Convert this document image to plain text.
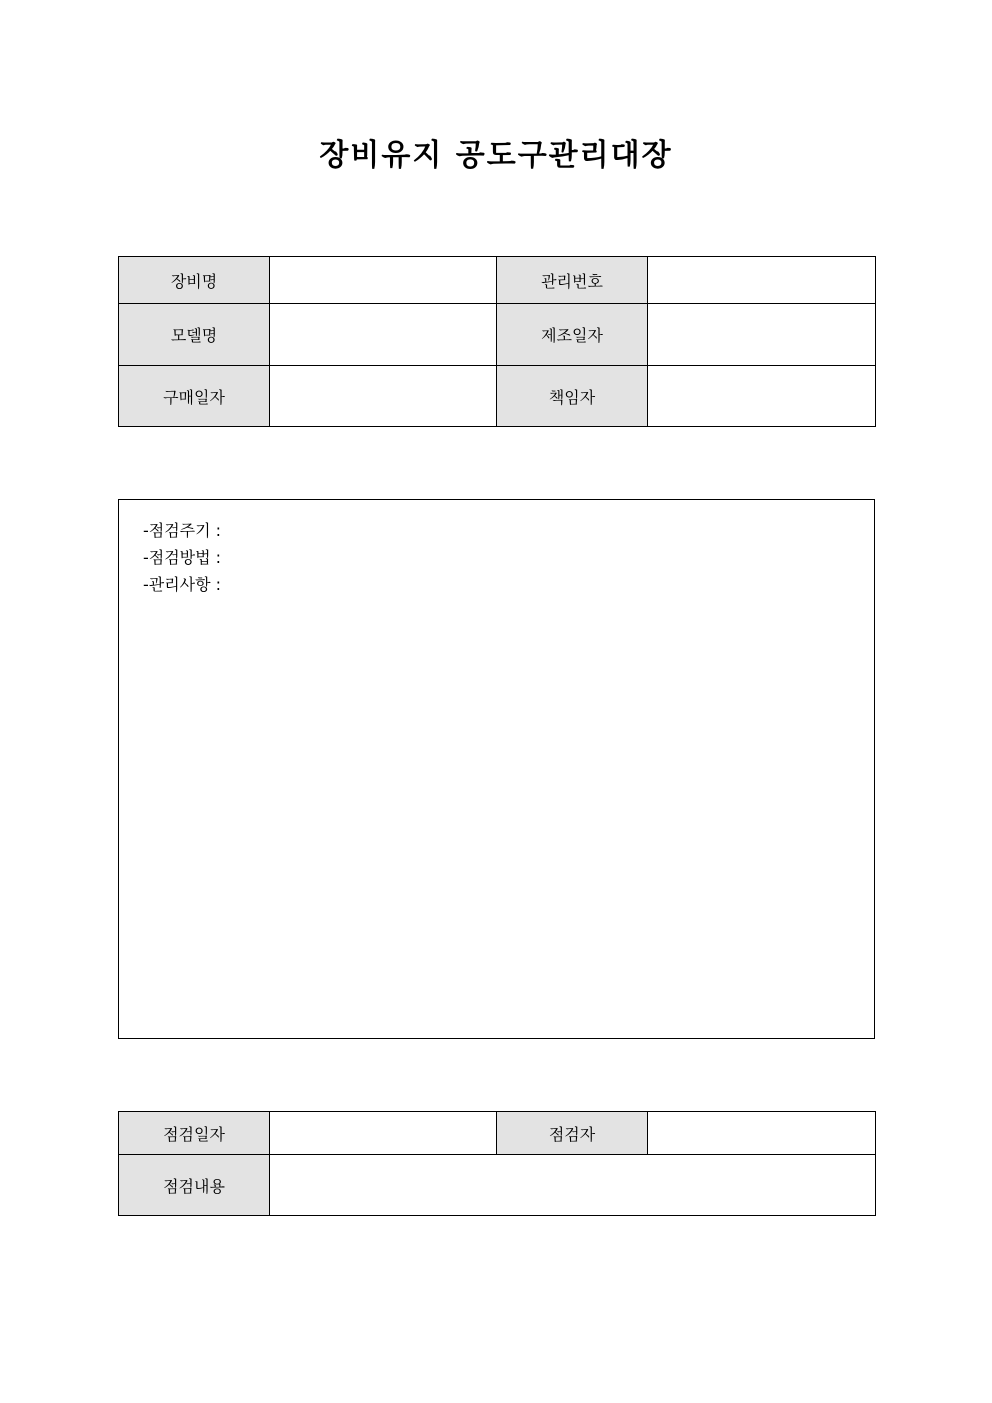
장비유지 공도구관리대장
장비명		관리번호	
모델명		제조일자	
구매일자		책임자	
-점검주기 :
-점검방법 :
-관리사항 :
점검일자		점검자	
점검내용			
